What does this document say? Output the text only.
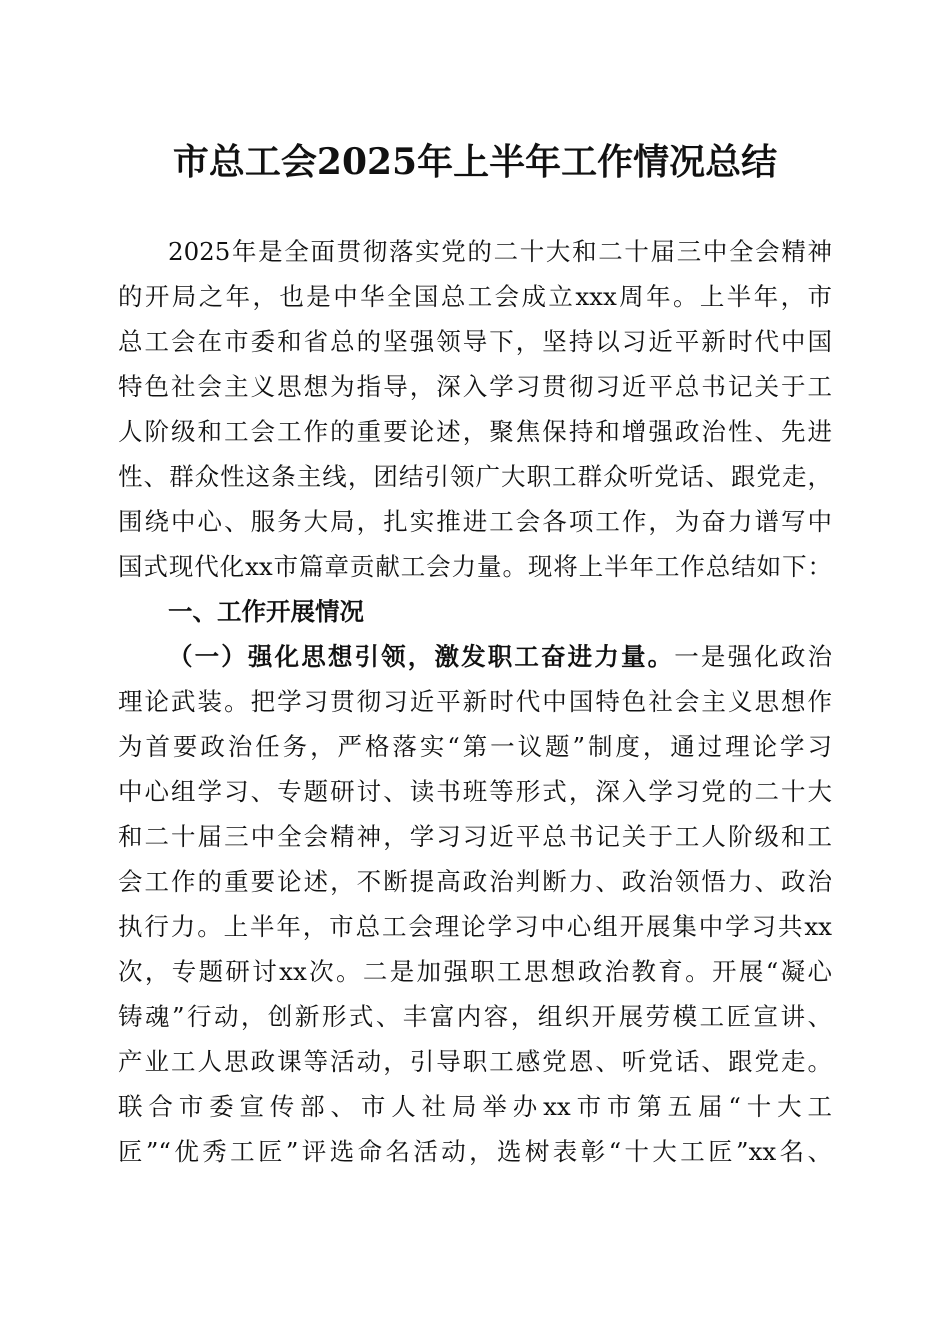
市总工会2025年上半年工作情况总结

2025年是全面贯彻落实党的二十大和二十届三中全会精神

的开局之年，也是中华全国总工会成立xxx周年。上半年，市

总工会在市委和省总的坚强领导下，坚持以习近平新时代中国

特色社会主义思想为指导，深入学习贯彻习近平总书记关于工

人阶级和工会工作的重要论述，聚焦保持和增强政治性、先进

性、群众性这条主线，团结引领广大职工群众听党话、跟党走，

围绕中心、服务大局，扎实推进工会各项工作，为奋力谱写中

国式现代化xx市篇章贡献工会力量。现将上半年工作总结如下：

一、工作开展情况

（一）强化思想引领，激发职工奋进力量。一是强化政治

理论武装。把学习贯彻习近平新时代中国特色社会主义思想作

为首要政治任务，严格落实“第一议题”制度，通过理论学习

中心组学习、专题研讨、读书班等形式，深入学习党的二十大

和二十届三中全会精神，学习习近平总书记关于工人阶级和工

会工作的重要论述，不断提高政治判断力、政治领悟力、政治

执行力。上半年，市总工会理论学习中心组开展集中学习共xx

次，专题研讨xx次。二是加强职工思想政治教育。开展“凝心

铸魂”行动，创新形式、丰富内容，组织开展劳模工匠宣讲、

产业工人思政课等活动，引导职工感党恩、听党话、跟党走。

联合市委宣传部、市人社局举办xx市市第五届“十大工

匠”“优秀工匠”评选命名活动，选树表彰“十大工匠”xx名、
